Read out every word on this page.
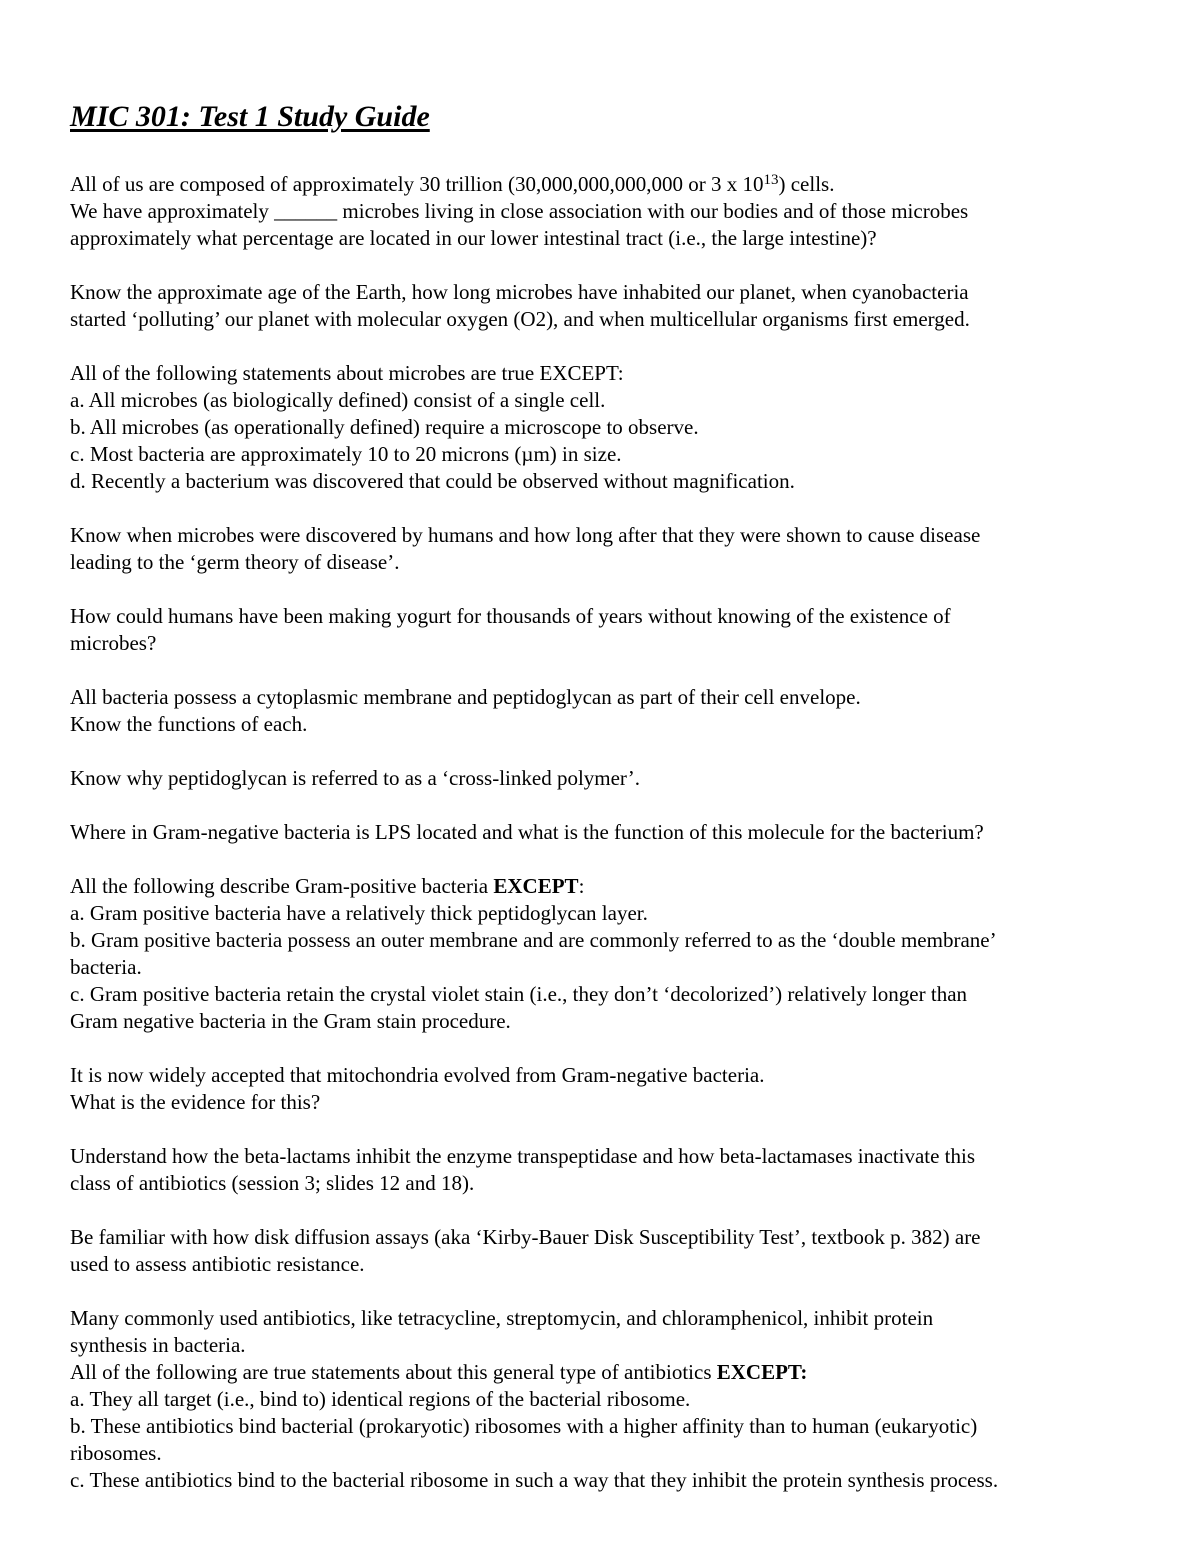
MIC 301: Test 1 Study Guide
All of us are composed of approximately 30 trillion (30,000,000,000,000 or 3 x $10^{13}$) cells.
We have approximately ______ microbes living in close association with our bodies and of those microbes
approximately what percentage are located in our lower intestinal tract (i.e., the large intestine)?
Know the approximate age of the Earth, how long microbes have inhabited our planet, when cyanobacteria
started ‘polluting’ our planet with molecular oxygen (O2), and when multicellular organisms first emerged.
All of the following statements about microbes are true EXCEPT:
a. All microbes (as biologically defined) consist of a single cell.
b. All microbes (as operationally defined) require a microscope to observe.
c. Most bacteria are approximately 10 to 20 microns (µm) in size.
d. Recently a bacterium was discovered that could be observed without magnification.
Know when microbes were discovered by humans and how long after that they were shown to cause disease
leading to the ‘germ theory of disease’.
How could humans have been making yogurt for thousands of years without knowing of the existence of
microbes?
All bacteria possess a cytoplasmic membrane and peptidoglycan as part of their cell envelope.
Know the functions of each.
Know why peptidoglycan is referred to as a ‘cross-linked polymer’.
Where in Gram-negative bacteria is LPS located and what is the function of this molecule for the bacterium?
All the following describe Gram-positive bacteria EXCEPT:
a. Gram positive bacteria have a relatively thick peptidoglycan layer.
b. Gram positive bacteria possess an outer membrane and are commonly referred to as the ‘double membrane’
bacteria.
c. Gram positive bacteria retain the crystal violet stain (i.e., they don’t ‘decolorized’) relatively longer than
Gram negative bacteria in the Gram stain procedure.
It is now widely accepted that mitochondria evolved from Gram-negative bacteria.
What is the evidence for this?
Understand how the beta-lactams inhibit the enzyme transpeptidase and how beta-lactamases inactivate this
class of antibiotics (session 3; slides 12 and 18).
Be familiar with how disk diffusion assays (aka ‘Kirby-Bauer Disk Susceptibility Test’, textbook p. 382) are
used to assess antibiotic resistance.
Many commonly used antibiotics, like tetracycline, streptomycin, and chloramphenicol, inhibit protein
synthesis in bacteria.
All of the following are true statements about this general type of antibiotics EXCEPT:
a. They all target (i.e., bind to) identical regions of the bacterial ribosome.
b. These antibiotics bind bacterial (prokaryotic) ribosomes with a higher affinity than to human (eukaryotic)
ribosomes.
c. These antibiotics bind to the bacterial ribosome in such a way that they inhibit the protein synthesis process.
